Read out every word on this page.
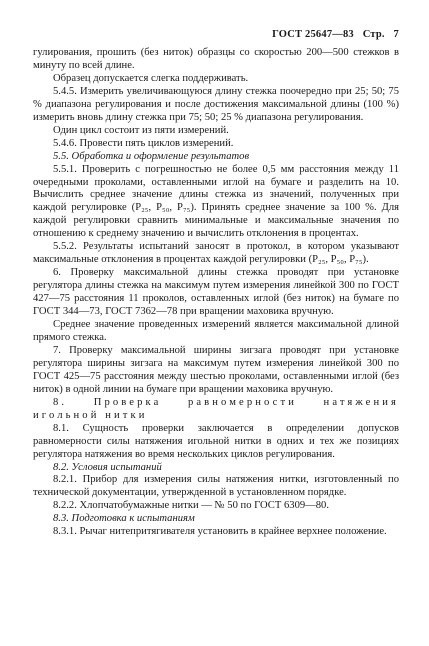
ГОСТ 25647—83 Стр. 7

гулирования, прошить (без ниток) образцы со скоростью 200—500 стежков в минуту по всей длине.

Образец допускается слегка поддерживать.

5.4.5. Измерить увеличивающуюся длину стежка поочередно при 25; 50; 75 % диапазона регулирования и после достижения максимальной длины (100 %) измерить вновь длину стежка при 75; 50; 25 % диапазона регулирования.

Один цикл состоит из пяти измерений.

5.4.6. Провести пять циклов измерений.

5.5. Обработка и оформление результатов

5.5.1. Проверить с погрешностью не более 0,5 мм расстояния между 11 очередными проколами, оставленными иглой на бумаге и разделить на 10. Вычислить среднее значение длины стежка из значений, полученных при каждой регулировке (P₂₅, P₅₀, P₇₅). Принять среднее значение за 100 %. Для каждой регулировки сравнить минимальные и максимальные значения по отношению к среднему значению и вычислить отклонения в процентах.

5.5.2. Результаты испытаний заносят в протокол, в котором указывают максимальные отклонения в процентах каждой регулировки (P₂₅, P₅₀, P₇₅).

6. Проверку максимальной длины стежка проводят при установке регулятора длины стежка на максимум путем измерения линейкой 300 по ГОСТ 427—75 расстояния 11 проколов, оставленных иглой (без ниток) на бумаге по ГОСТ 344—73, ГОСТ 7362—78 при вращении маховика вручную.

Среднее значение проведенных измерений является максимальной длиной прямого стежка.

7. Проверку максимальной ширины зигзага проводят при установке регулятора ширины зигзага на максимум путем измерения линейкой 300 по ГОСТ 425—75 расстояния между шестью проколами, оставленными иглой (без ниток) в одной линии на бумаге при вращении маховика вручную.

8. Проверка равномерности натяжения игольной нитки

8.1. Сущность проверки заключается в определении допусков равномерности силы натяжения игольной нитки в одних и тех же позициях регулятора натяжения во время нескольких циклов регулирования.

8.2. Условия испытаний

8.2.1. Прибор для измерения силы натяжения нитки, изготовленный по технической документации, утвержденной в установленном порядке.

8.2.2. Хлопчатобумажные нитки — № 50 по ГОСТ 6309—80.

8.3. Подготовка к испытаниям

8.3.1. Рычаг нитепритягивателя установить в крайнее верхнее положение.
